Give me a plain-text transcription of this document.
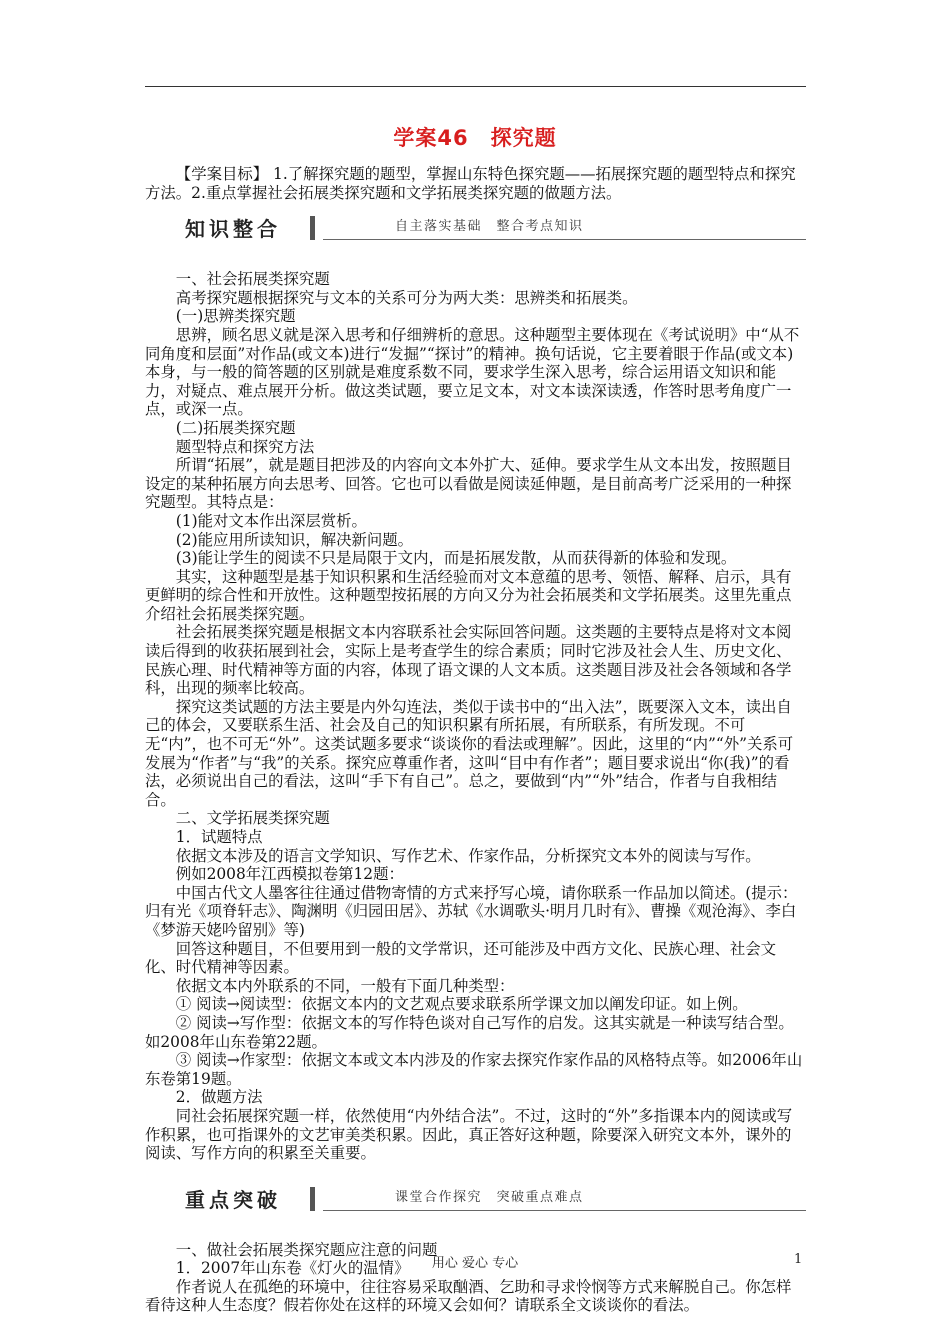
学案46　探究题

【学案目标】 1.了解探究题的题型，掌握山东特色探究题——拓展探究题的题型特点和探究方法。2.重点掌握社会拓展类探究题和文学拓展类探究题的做题方法。

知识整合	自主落实基础　整合考点知识

一、社会拓展类探究题

高考探究题根据探究与文本的关系可分为两大类：思辨类和拓展类。

(一)思辨类探究题

思辨，顾名思义就是深入思考和仔细辨析的意思。这种题型主要体现在《考试说明》中“从不同角度和层面”对作品(或文本)进行“发掘”“探讨”的精神。换句话说，它主要着眼于作品(或文本)本身，与一般的简答题的区别就是难度系数不同，要求学生深入思考，综合运用语文知识和能力，对疑点、难点展开分析。做这类试题，要立足文本，对文本读深读透，作答时思考角度广一点，或深一点。

(二)拓展类探究题

题型特点和探究方法

所谓“拓展”，就是题目把涉及的内容向文本外扩大、延伸。要求学生从文本出发，按照题目设定的某种拓展方向去思考、回答。它也可以看做是阅读延伸题，是目前高考广泛采用的一种探究题型。其特点是：

(1)能对文本作出深层赏析。

(2)能应用所读知识，解决新问题。

(3)能让学生的阅读不只是局限于文内，而是拓展发散，从而获得新的体验和发现。

其实，这种题型是基于知识积累和生活经验而对文本意蕴的思考、领悟、解释、启示，具有更鲜明的综合性和开放性。这种题型按拓展的方向又分为社会拓展类和文学拓展类。这里先重点介绍社会拓展类探究题。

社会拓展类探究题是根据文本内容联系社会实际回答问题。这类题的主要特点是将对文本阅读后得到的收获拓展到社会，实际上是考查学生的综合素质；同时它涉及社会人生、历史文化、民族心理、时代精神等方面的内容，体现了语文课的人文本质。这类题目涉及社会各领域和各学科，出现的频率比较高。

探究这类试题的方法主要是内外勾连法，类似于读书中的“出入法”，既要深入文本，读出自己的体会，又要联系生活、社会及自己的知识积累有所拓展，有所联系，有所发现。不可无“内”，也不可无“外”。这类试题多要求“谈谈你的看法或理解”。因此，这里的“内”“外”关系可发展为“作者”与“我”的关系。探究应尊重作者，这叫“目中有作者”；题目要求说出“你(我)”的看法，必须说出自己的看法，这叫“手下有自己”。总之，要做到“内”“外”结合，作者与自我相结合。

二、文学拓展类探究题

1．试题特点

依据文本涉及的语言文学知识、写作艺术、作家作品，分析探究文本外的阅读与写作。

例如2008年江西模拟卷第12题：

中国古代文人墨客往往通过借物寄情的方式来抒写心境，请你联系一作品加以简述。(提示：归有光《项脊轩志》、陶渊明《归园田居》、苏轼《水调歌头·明月几时有》、曹操《观沧海》、李白《梦游天姥吟留别》等)

回答这种题目，不但要用到一般的文学常识，还可能涉及中西方文化、民族心理、社会文化、时代精神等因素。

依据文本内外联系的不同，一般有下面几种类型：

① 阅读→阅读型：依据文本内的文艺观点要求联系所学课文加以阐发印证。如上例。

② 阅读→写作型：依据文本的写作特色谈对自己写作的启发。这其实就是一种读写结合型。如2008年山东卷第22题。

③ 阅读→作家型：依据文本或文本内涉及的作家去探究作家作品的风格特点等。如2006年山东卷第19题。

2．做题方法

同社会拓展探究题一样，依然使用“内外结合法”。不过，这时的“外”多指课本内的阅读或写作积累，也可指课外的文艺审美类积累。因此，真正答好这种题，除要深入研究文本外，课外的阅读、写作方向的积累至关重要。

重点突破	课堂合作探究　突破重点难点

一、做社会拓展类探究题应注意的问题

1．2007年山东卷《灯火的温情》

作者说人在孤绝的环境中，往往容易采取酗酒、乞助和寻求怜悯等方式来解脱自己。你怎样看待这种人生态度？假若你处在这样的环境又会如何？请联系全文谈谈你的看法。

用心 爱心 专心	1
